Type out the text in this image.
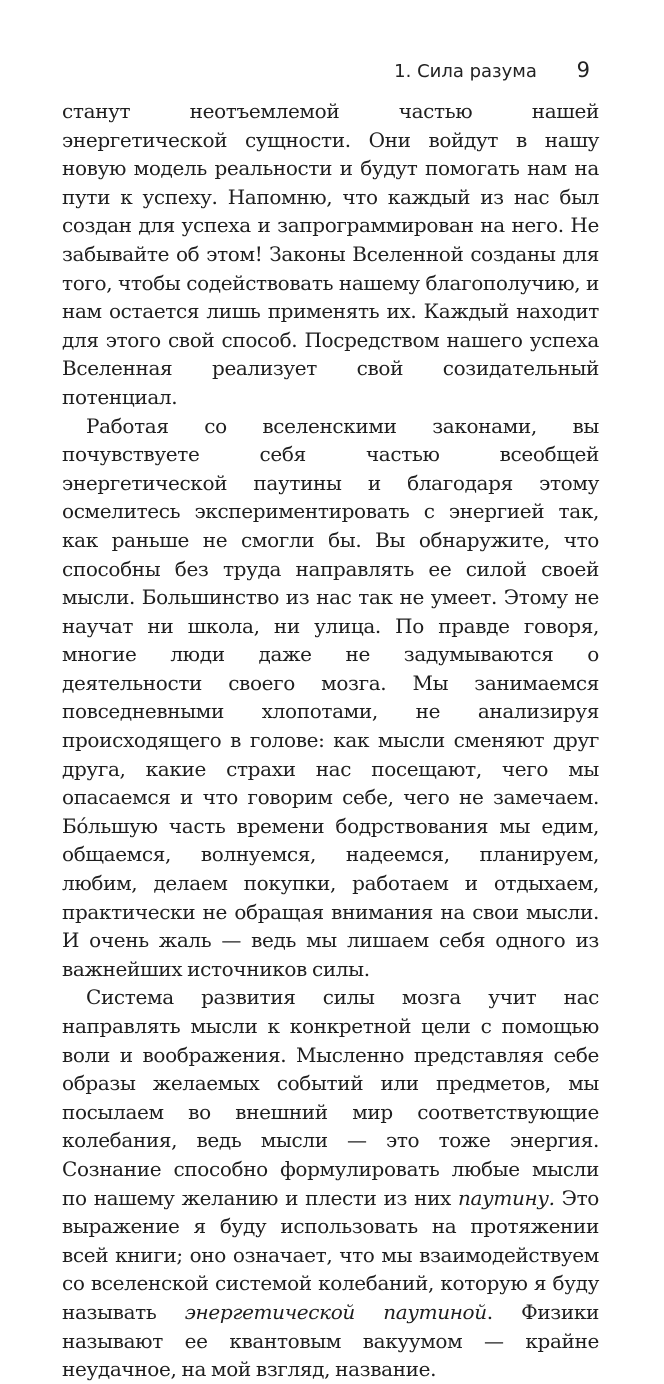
1. Сила разума 9

станут неотъемлемой частью нашей энергетической сущности. Они войдут в нашу новую модель реальности и будут помогать нам на пути к успеху. Напомню, что каждый из нас был создан для успеха и запрограммирован на него. Не забывайте об этом! Законы Вселенной созданы для того, чтобы содействовать нашему благополучию, и нам остается лишь применять их. Каждый находит для этого свой способ. Посредством нашего успеха Вселенная реализует свой созидательный потенциал.

Работая со вселенскими законами, вы почувствуете себя частью всеобщей энергетической паутины и благодаря этому осмелитесь экспериментировать с энергией так, как раньше не смогли бы. Вы обнаружите, что способны без труда направлять ее силой своей мысли. Большинство из нас так не умеет. Этому не научат ни школа, ни улица. По правде говоря, многие люди даже не задумываются о деятельности своего мозга. Мы занимаемся повседневными хлопотами, не анализируя происходящего в голове: как мысли сменяют друг друга, какие страхи нас посещают, чего мы опасаемся и что говорим себе, чего не замечаем. Бóльшую часть времени бодрствования мы едим, общаемся, волнуемся, надеемся, планируем, любим, делаем покупки, работаем и отдыхаем, практически не обращая внимания на свои мысли. И очень жаль — ведь мы лишаем себя одного из важнейших источников силы.

Система развития силы мозга учит нас направлять мысли к конкретной цели с помощью воли и воображения. Мысленно представляя себе образы желаемых событий или предметов, мы посылаем во внешний мир соответствующие колебания, ведь мысли — это тоже энергия. Сознание способно формулировать любые мысли по нашему желанию и плести из них паутину. Это выражение я буду использовать на протяжении всей книги; оно означает, что мы взаимодействуем со вселенской системой колебаний, которую я буду называть энергетической паутиной. Физики называют ее квантовым вакуумом — крайне неудачное, на мой взгляд, название.
